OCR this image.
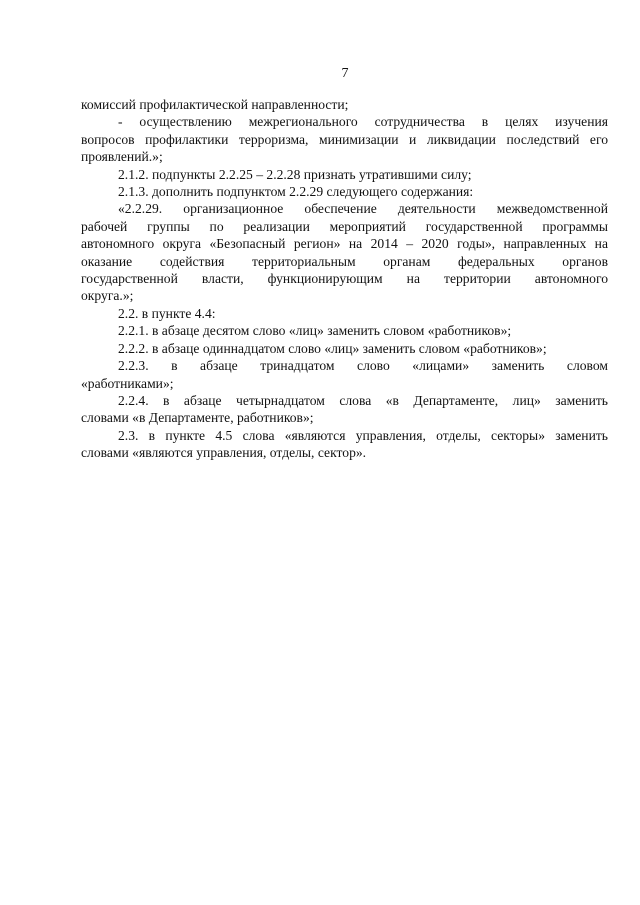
7

комиссий профилактической направленности;

- осуществлению межрегионального сотрудничества в целях изучения

вопросов профилактики терроризма, минимизации и ликвидации последствий его
проявлений.»;

2.1.2. подпункты 2.2.25 – 2.2.28 признать утратившими силу;

2.1.3. дополнить подпунктом 2.2.29 следующего содержания:

«2.2.29. организационное обеспечение деятельности межведомственной

рабочей группы по реализации мероприятий государственной программы
автономного округа «Безопасный регион» на 2014 – 2020 годы», направленных на
оказание содействия территориальным органам федеральных органов
государственной власти, функционирующим на территории автономного
округа.»;

2.2. в пункте 4.4:

2.2.1. в абзаце десятом слово «лиц» заменить словом «работников»;

2.2.2. в абзаце одиннадцатом слово «лиц» заменить словом «работников»;

2.2.3. в абзаце тринадцатом слово «лицами» заменить словом

«работниками»;

2.2.4. в абзаце четырнадцатом слова «в Департаменте, лиц» заменить

словами «в Департаменте, работников»;

2.3. в пункте 4.5 слова «являются управления, отделы, секторы» заменить

словами «являются управления, отделы, сектор».
